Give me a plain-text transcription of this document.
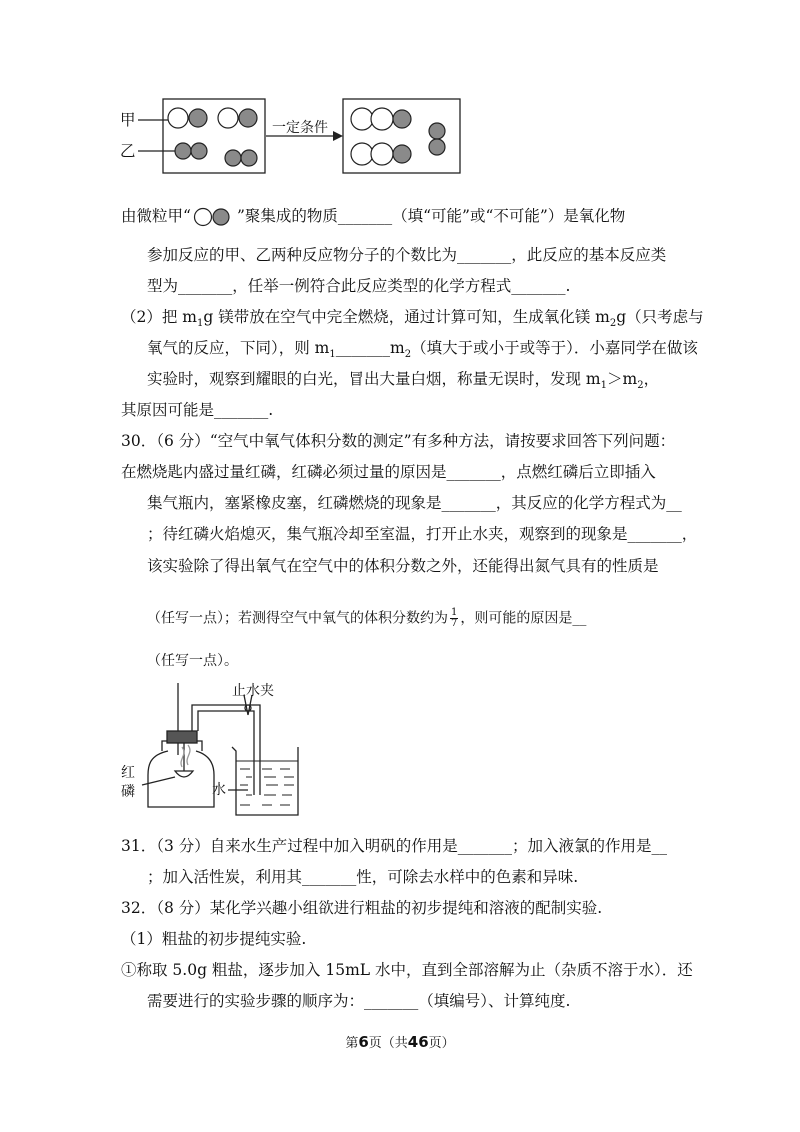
甲
乙
一定条件
由微粒甲“	”聚集成的物质_______（填“可能”或“不可能”）是氧化物
参加反应的甲、乙两种反应物分子的个数比为_______，此反应的基本反应类
型为_______，任举一例符合此反应类型的化学方程式_______.
（2）把 $m_1g$ 镁带放在空气中完全燃烧，通过计算可知，生成氧化镁 $m_2g$（只考虑与
氧气的反应，下同），则 $m_1\_\_\_\_\_\_\_m_2$（填大于或小于或等于）．小嘉同学在做该
实验时，观察到耀眼的白光，冒出大量白烟，称量无误时，发现 $m_1>m_2$，
其原因可能是_______.
30．（6 分）“空气中氧气体积分数的测定”有多种方法，请按要求回答下列问题：
在燃烧匙内盛过量红磷，红磷必须过量的原因是_______，点燃红磷后立即插入
集气瓶内，塞紧橡皮塞，红磷燃烧的现象是_______，其反应的化学方程式为__
；待红磷火焰熄灭，集气瓶冷却至室温，打开止水夹，观察到的现象是_______，
该实验除了得出氧气在空气中的体积分数之外，还能得出氮气具有的性质是
（任写一点）；若测得空气中氧气的体积分数约为 $\frac{1}{7}$ ，则可能的原因是__
（任写一点）。
止水夹
红
磷	水
31．（3 分）自来水生产过程中加入明矾的作用是_______；加入液氯的作用是__
；加入活性炭，利用其_______性，可除去水样中的色素和异味.
32．（8 分）某化学兴趣小组欲进行粗盐的初步提纯和溶液的配制实验.
（1）粗盐的初步提纯实验.
①称取 5.0g 粗盐，逐步加入 15mL 水中，直到全部溶解为止（杂质不溶于水）．还
需要进行的实验步骤的顺序为：_______（填编号）、计算纯度.
第6页（共46页）
